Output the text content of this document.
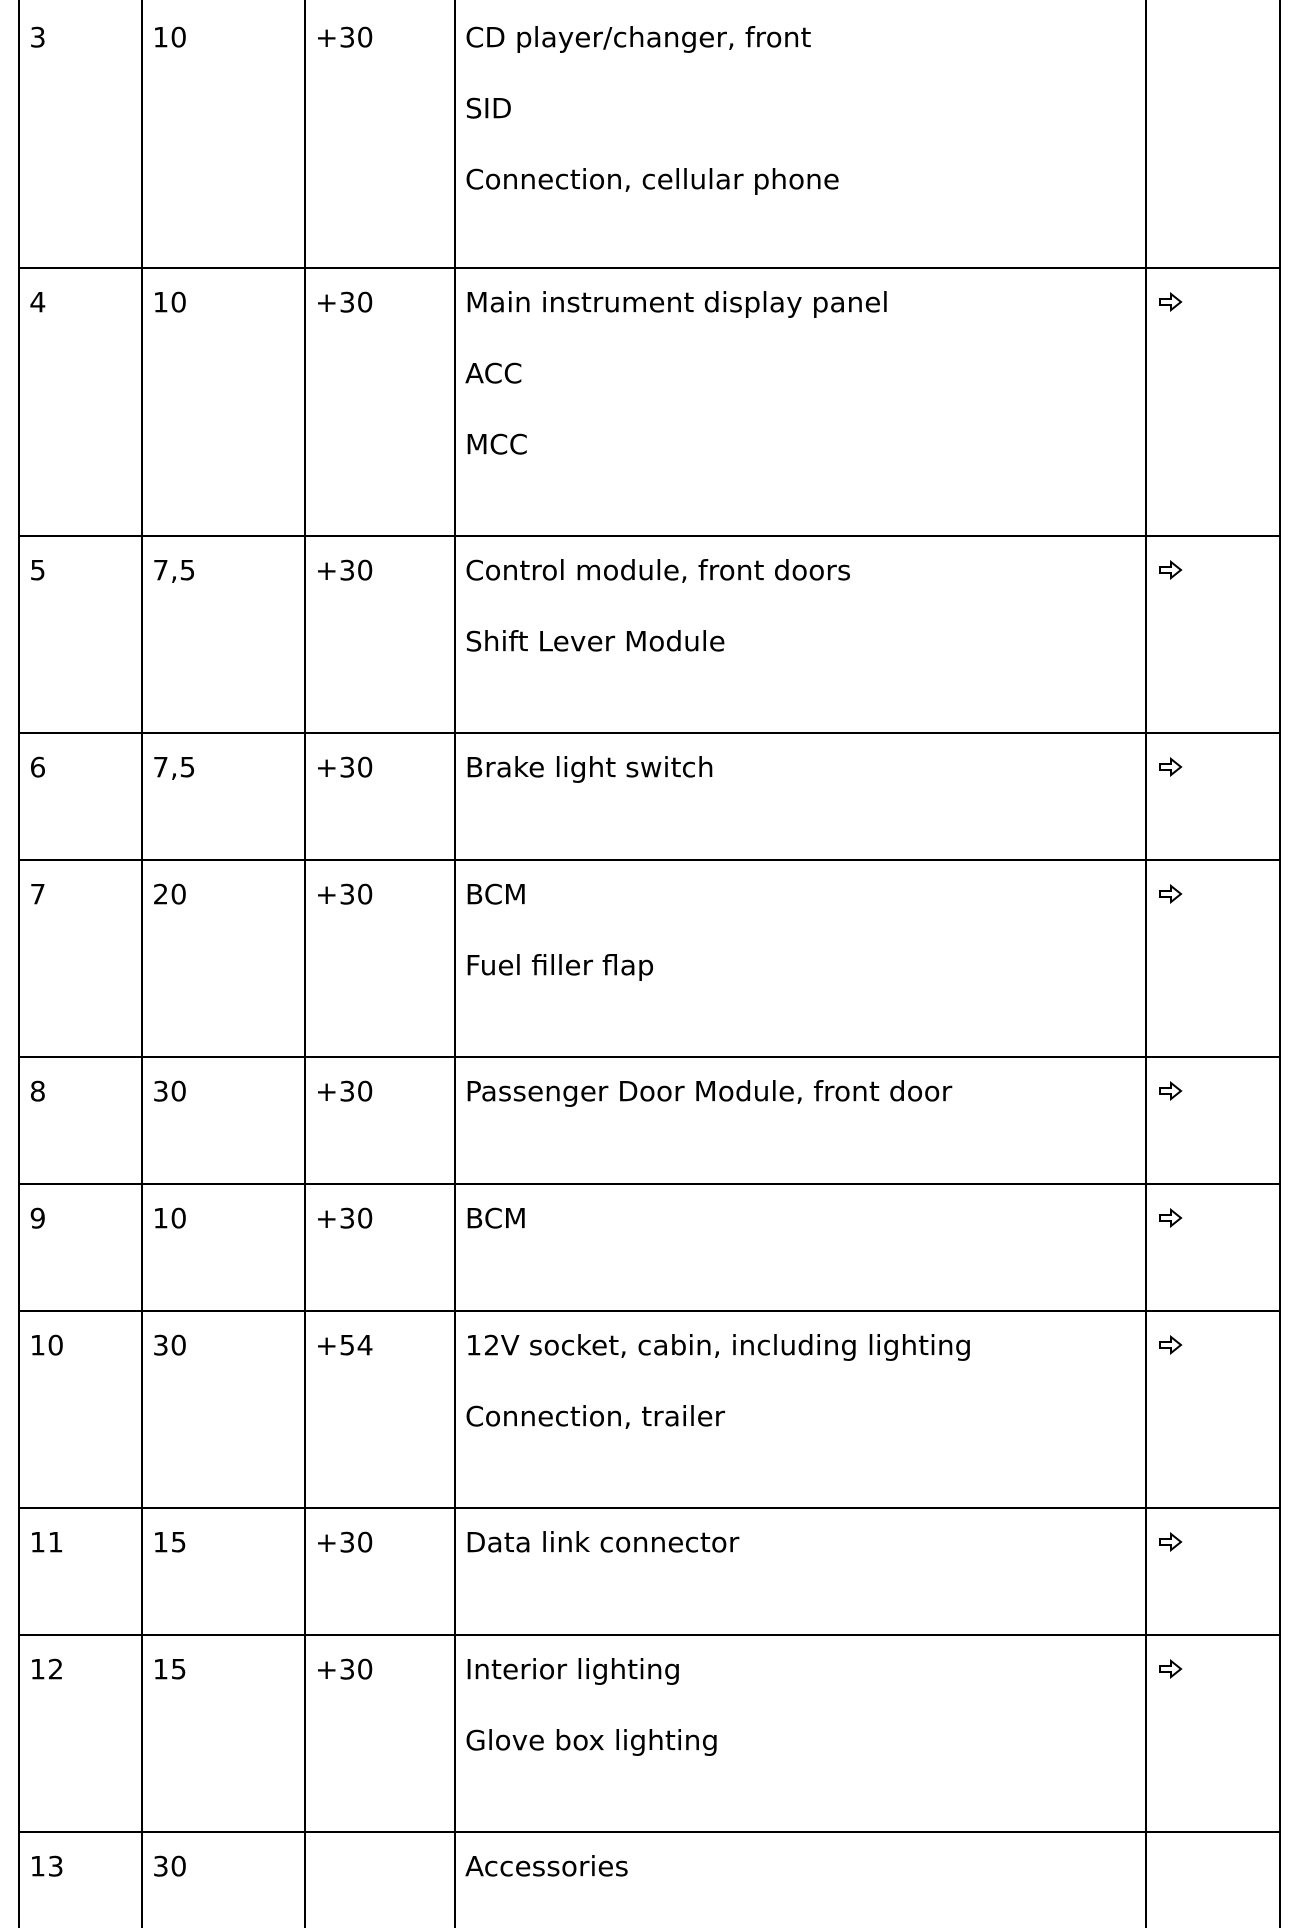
3	10	+30	CD player/changer, front
SID
Connection, cellular phone	

4	10	+30	Main instrument display panel
ACC
MCC

5	7,5	+30	Control module, front doors
Shift Lever Module

6	7,5	+30	Brake light switch

7	20	+30	BCM
Fuel filler flap

8	30	+30	Passenger Door Module, front door

9	10	+30	BCM

10	30	+54	12V socket, cabin, including lighting
Connection, trailer

11	15	+30	Data link connector

12	15	+30	Interior lighting
Glove box lighting

13	30		Accessories	
